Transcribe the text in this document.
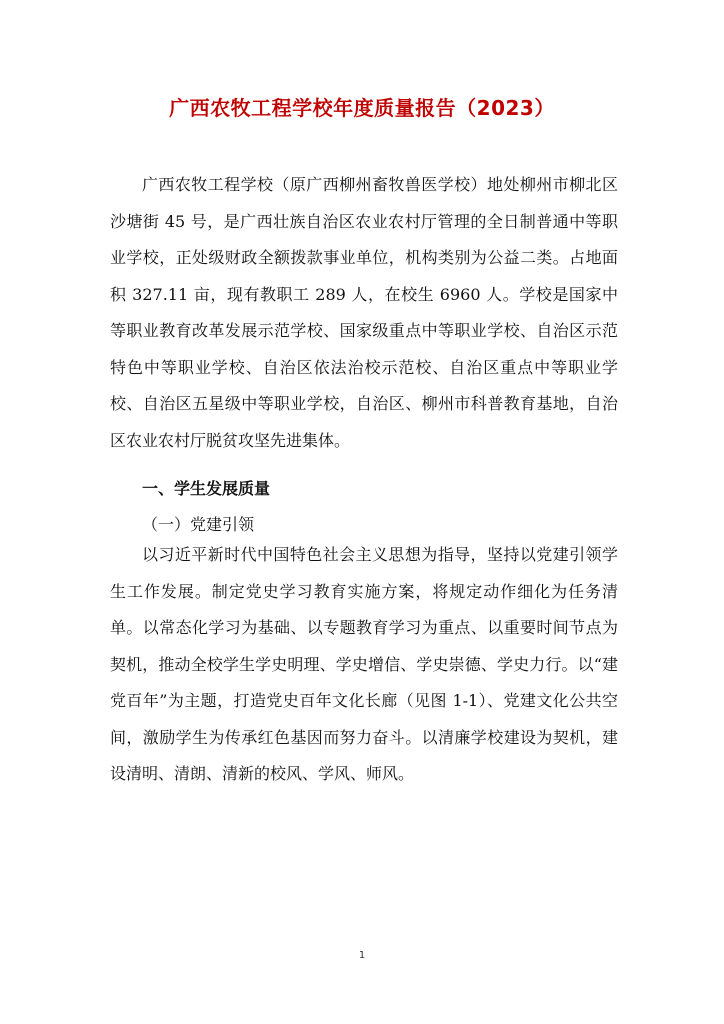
广西农牧工程学校年度质量报告（2023）

广西农牧工程学校（原广西柳州畜牧兽医学校）地处柳州市柳北区沙塘街 45 号，是广西壮族自治区农业农村厅管理的全日制普通中等职业学校，正处级财政全额拨款事业单位，机构类别为公益二类。占地面积 327.11 亩，现有教职工 289 人，在校生 6960 人。学校是国家中等职业教育改革发展示范学校、国家级重点中等职业学校、自治区示范特色中等职业学校、自治区依法治校示范校、自治区重点中等职业学校、自治区五星级中等职业学校，自治区、柳州市科普教育基地，自治区农业农村厅脱贫攻坚先进集体。

一、学生发展质量
（一）党建引领

以习近平新时代中国特色社会主义思想为指导，坚持以党建引领学生工作发展。制定党史学习教育实施方案，将规定动作细化为任务清单。以常态化学习为基础、以专题教育学习为重点、以重要时间节点为契机，推动全校学生学史明理、学史增信、学史崇德、学史力行。以“建党百年”为主题，打造党史百年文化长廊（见图 1-1）、党建文化公共空间，激励学生为传承红色基因而努力奋斗。以清廉学校建设为契机，建设清明、清朗、清新的校风、学风、师风。

1
